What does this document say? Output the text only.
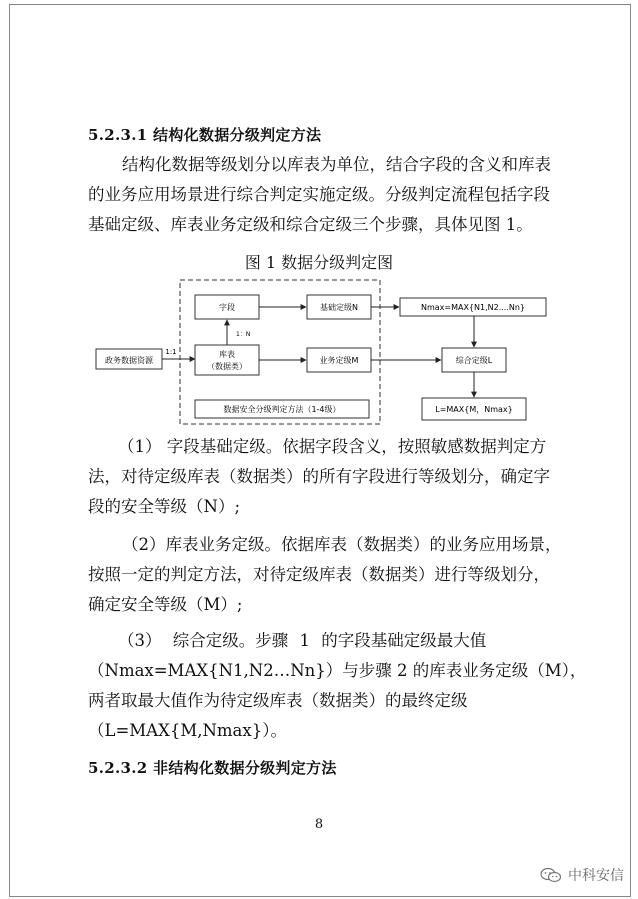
5.2.3.1 结构化数据分级判定方法
结构化数据等级划分以库表为单位，结合字段的含义和库表
的业务应用场景进行综合判定实施定级。分级判定流程包括字段
基础定级、库表业务定级和综合定级三个步骤，具体见图 1。
图 1 数据分级判定图
政务数据资源
1:1
字段
库表
（数据类）
1：N
基础定级N
业务定级M
数据安全分级判定方法（1-4级）
Nmax=MAX{N1,N2....Nn}
综合定级L
L=MAX{M，Nmax}
（1） 字段基础定级。依据字段含义，按照敏感数据判定方
法，对待定级库表（数据类）的所有字段进行等级划分，确定字
段的安全等级（N）;
（2）库表业务定级。依据库表（数据类）的业务应用场景，
按照一定的判定方法，对待定级库表（数据类）进行等级划分，
确定安全等级（M）;
（3） 综合定级。步骤 1 的字段基础定级最大值
（Nmax=MAX{N1,N2…Nn}）与步骤 2 的库表业务定级（M），
两者取最大值作为待定级库表（数据类）的最终定级
（L=MAX{M,Nmax}）。
5.2.3.2 非结构化数据分级判定方法
8
中科安信
